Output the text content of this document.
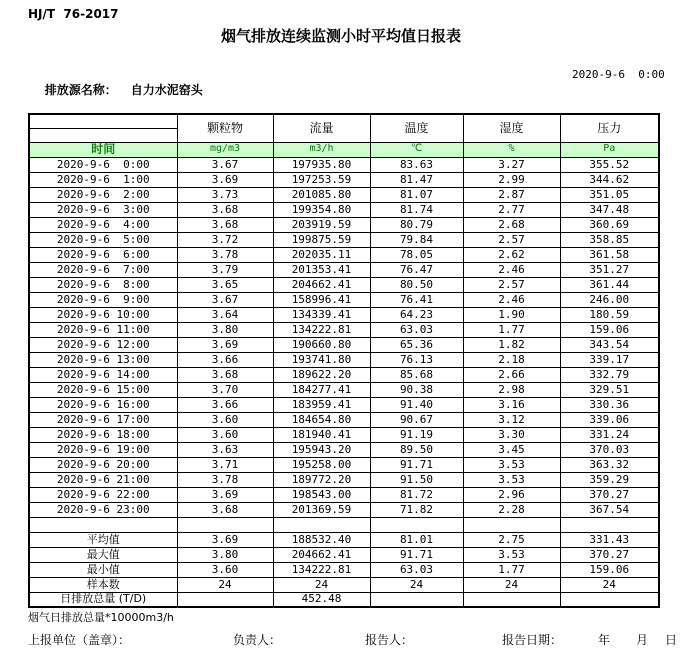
HJ/T  76-2017
烟气排放连续监测小时平均值日报表

排放源名称： 自力水泥窑头

2020-9-6  0:00
	颗粒物	流量	温度	湿度	压力

时间	mg/m3	m3/h	℃	%	Pa
2020-9-6  0:00	3.67	197935.80	83.63	3.27	355.52
2020-9-6  1:00	3.69	197253.59	81.47	2.99	344.62
2020-9-6  2:00	3.73	201085.80	81.07	2.87	351.05
2020-9-6  3:00	3.68	199354.80	81.74	2.77	347.48
2020-9-6  4:00	3.68	203919.59	80.79	2.68	360.69
2020-9-6  5:00	3.72	199875.59	79.84	2.57	358.85
2020-9-6  6:00	3.78	202035.11	78.05	2.62	361.58
2020-9-6  7:00	3.79	201353.41	76.47	2.46	351.27
2020-9-6  8:00	3.65	204662.41	80.50	2.57	361.44
2020-9-6  9:00	3.67	158996.41	76.41	2.46	246.00
2020-9-6 10:00	3.64	134339.41	64.23	1.90	180.59
2020-9-6 11:00	3.80	134222.81	63.03	1.77	159.06
2020-9-6 12:00	3.69	190660.80	65.36	1.82	343.54
2020-9-6 13:00	3.66	193741.80	76.13	2.18	339.17
2020-9-6 14:00	3.68	189622.20	85.68	2.66	332.79
2020-9-6 15:00	3.70	184277.41	90.38	2.98	329.51
2020-9-6 16:00	3.66	183959.41	91.40	3.16	330.36
2020-9-6 17:00	3.60	184654.80	90.67	3.12	339.06
2020-9-6 18:00	3.60	181940.41	91.19	3.30	331.24
2020-9-6 19:00	3.63	195943.20	89.50	3.45	370.03
2020-9-6 20:00	3.71	195258.00	91.71	3.53	363.32
2020-9-6 21:00	3.78	189772.20	91.50	3.53	359.29
2020-9-6 22:00	3.69	198543.00	81.72	2.96	370.27
2020-9-6 23:00	3.68	201369.59	71.82	2.28	367.54

平均值	3.69	188532.40	81.01	2.75	331.43
最大值	3.80	204662.41	91.71	3.53	370.27
最小值	3.60	134222.81	63.03	1.77	159.06
样本数	24	24	24	24	24
日排放总量 (T/D)		452.48			
烟气日排放总量*10000m3/h
上报单位（盖章）：	负责人：	报告人：	报告日期：	年 月 日
